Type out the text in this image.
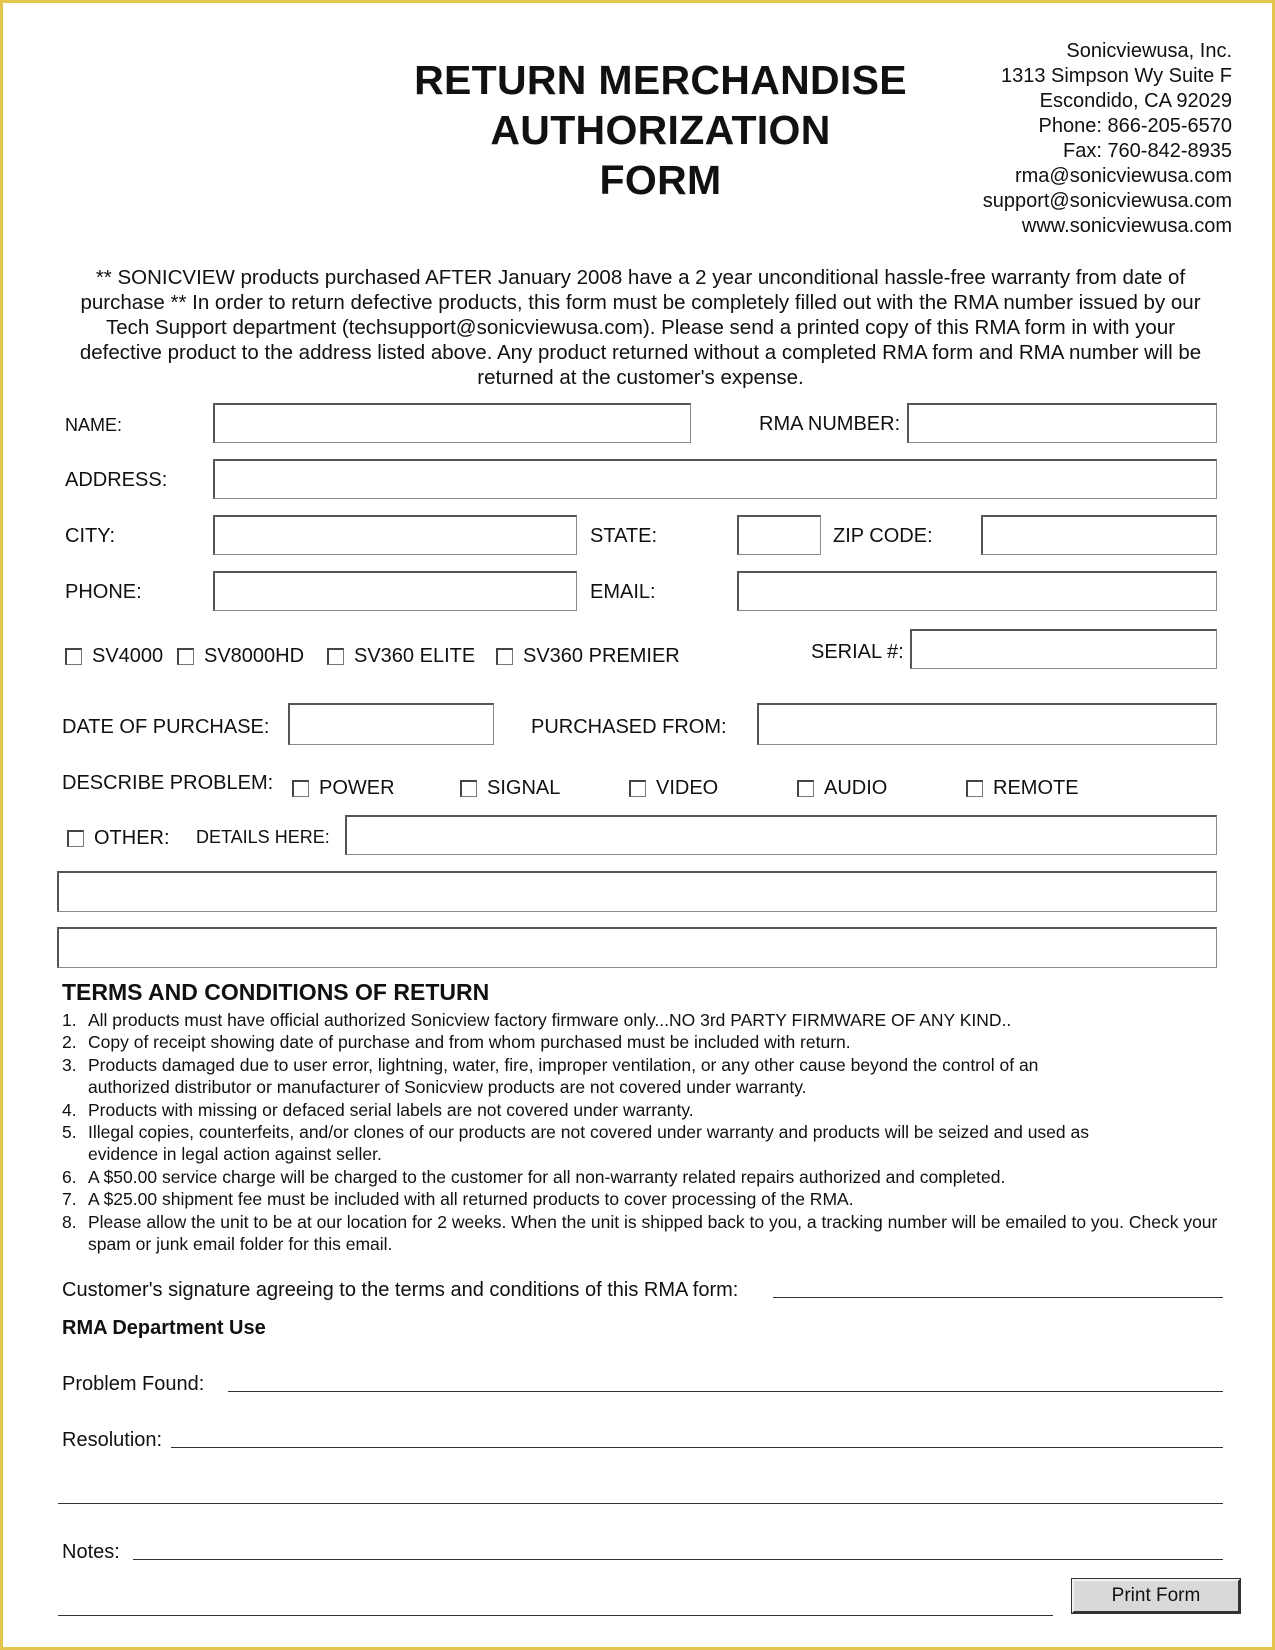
RETURN MERCHANDISE
AUTHORIZATION
FORM
Sonicviewusa, Inc.
1313 Simpson Wy Suite F
Escondido, CA 92029
Phone: 866-205-6570
Fax: 760-842-8935
rma@sonicviewusa.com
support@sonicviewusa.com
www.sonicviewusa.com
** SONICVIEW products purchased AFTER January 2008 have a 2 year unconditional hassle-free warranty from date of purchase ** In order to return defective products, this form must be completely filled out with the RMA number issued by our Tech Support department (techsupport@sonicviewusa.com). Please send a printed copy of this RMA form in with your defective product to the address listed above. Any product returned without a completed RMA form and RMA number will be returned at the customer's expense.
NAME:	RMA NUMBER:
ADDRESS:
CITY:	STATE:	ZIP CODE:
PHONE:	EMAIL:
SV4000 SV8000HD SV360 ELITE SV360 PREMIER	SERIAL #:
DATE OF PURCHASE:	PURCHASED FROM:
DESCRIBE PROBLEM: POWER	SIGNAL	VIDEO	AUDIO	REMOTE
OTHER: DETAILS HERE:
TERMS AND CONDITIONS OF RETURN
1. All products must have official authorized Sonicview factory firmware only...NO 3rd PARTY FIRMWARE OF ANY KIND..
2. Copy of receipt showing date of purchase and from whom purchased must be included with return.
3. Products damaged due to user error, lightning, water, fire, improper ventilation, or any other cause beyond the control of an authorized distributor or manufacturer of Sonicview products are not covered under warranty.
4. Products with missing or defaced serial labels are not covered under warranty.
5. Illegal copies, counterfeits, and/or clones of our products are not covered under warranty and products will be seized and used as evidence in legal action against seller.
6. A $50.00 service charge will be charged to the customer for all non-warranty related repairs authorized and completed.
7. A $25.00 shipment fee must be included with all returned products to cover processing of the RMA.
8. Please allow the unit to be at our location for 2 weeks. When the unit is shipped back to you, a tracking number will be emailed to you. Check your spam or junk email folder for this email.
Customer's signature agreeing to the terms and conditions of this RMA form:
RMA Department Use
Problem Found:
Resolution:
Notes:
Print Form
